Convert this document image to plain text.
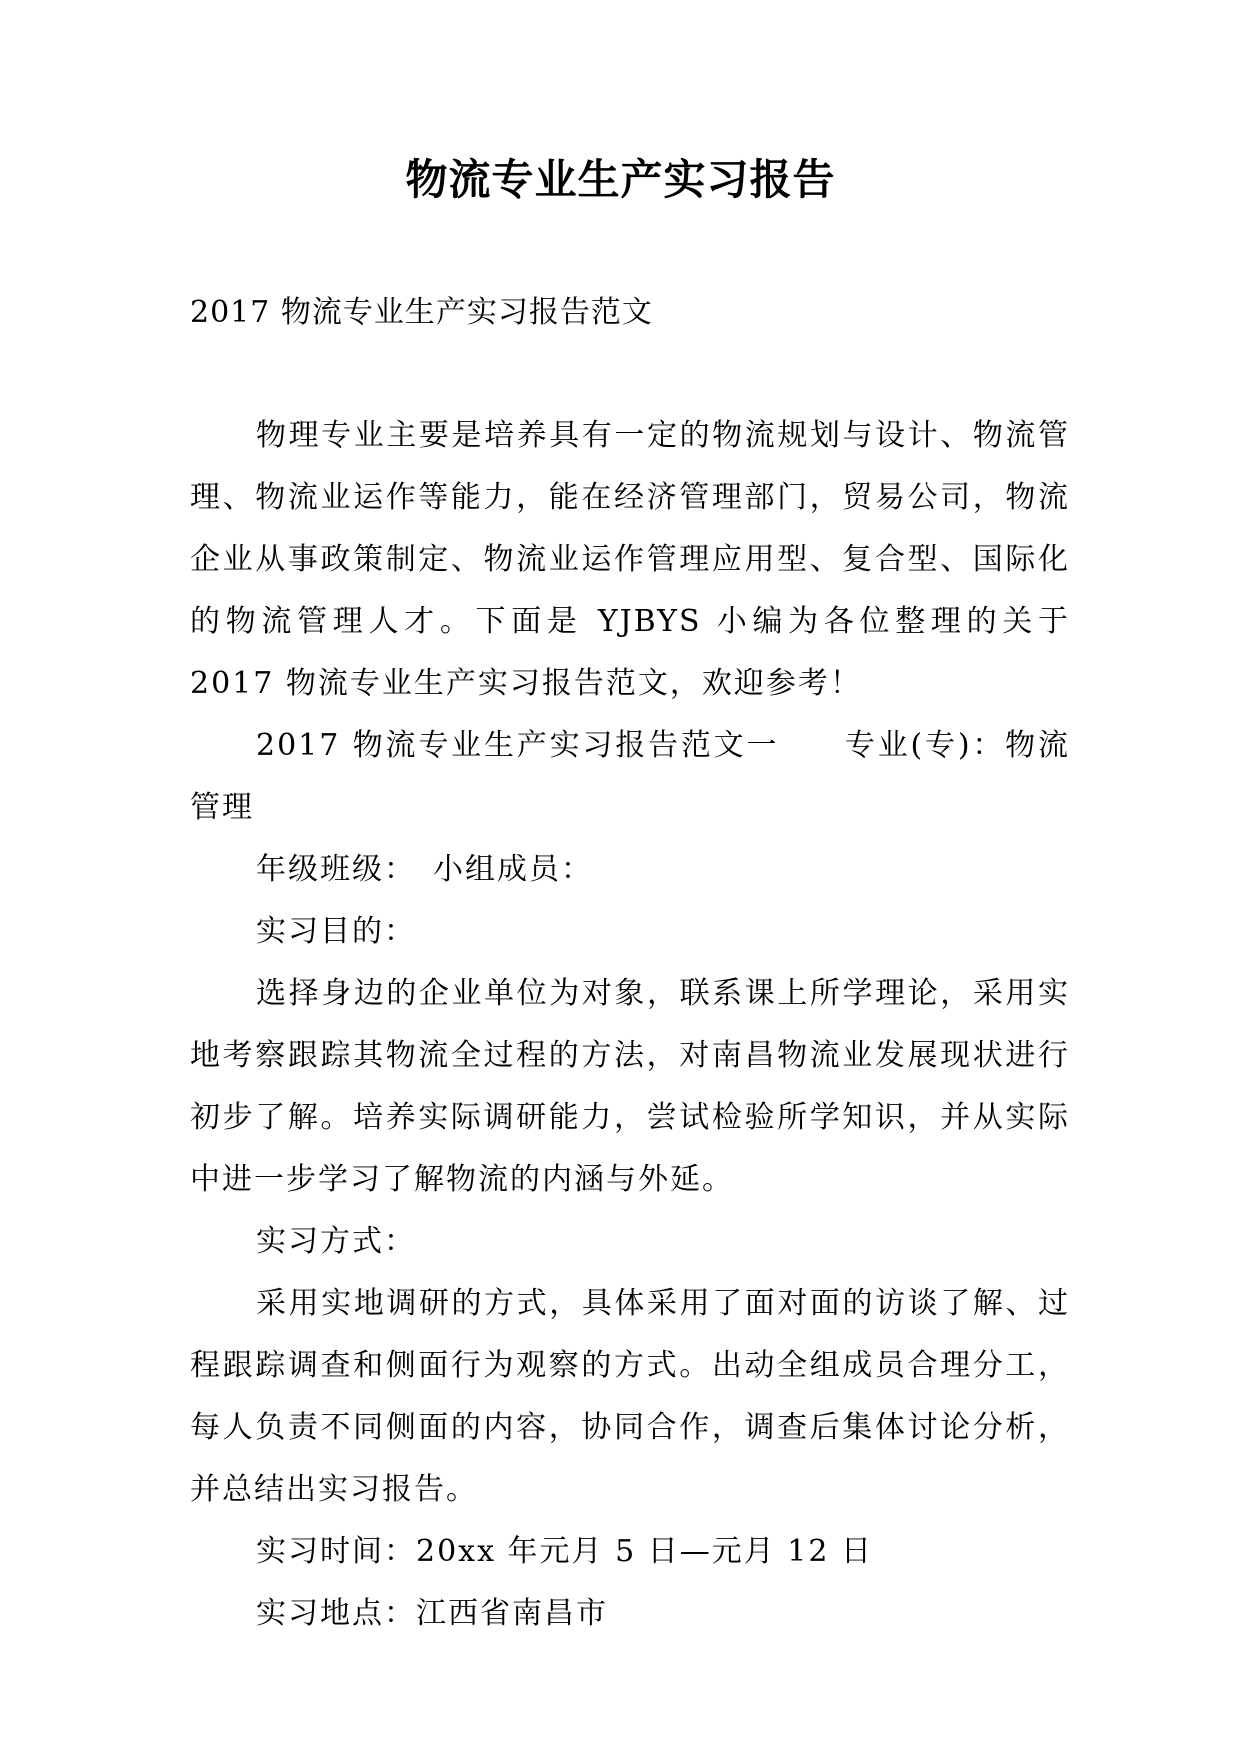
物流专业生产实习报告
2017 物流专业生产实习报告范文

物理专业主要是培养具有一定的物流规划与设计、物流管理、物流业运作等能力，能在经济管理部门，贸易公司，物流企业从事政策制定、物流业运作管理应用型、复合型、国际化的物流管理人才。下面是 YJBYS 小编为各位整理的关于 2017 物流专业生产实习报告范文，欢迎参考！

2017 物流专业生产实习报告范文一　　专业(专)：物流管理

年级班级：　小组成员：

实习目的：

选择身边的企业单位为对象，联系课上所学理论，采用实地考察跟踪其物流全过程的方法，对南昌物流业发展现状进行初步了解。培养实际调研能力，尝试检验所学知识，并从实际中进一步学习了解物流的内涵与外延。

实习方式：

采用实地调研的方式，具体采用了面对面的访谈了解、过程跟踪调查和侧面行为观察的方式。出动全组成员合理分工，每人负责不同侧面的内容，协同合作，调查后集体讨论分析，并总结出实习报告。

实习时间：20xx 年元月 5 日—元月 12 日

实习地点：江西省南昌市
